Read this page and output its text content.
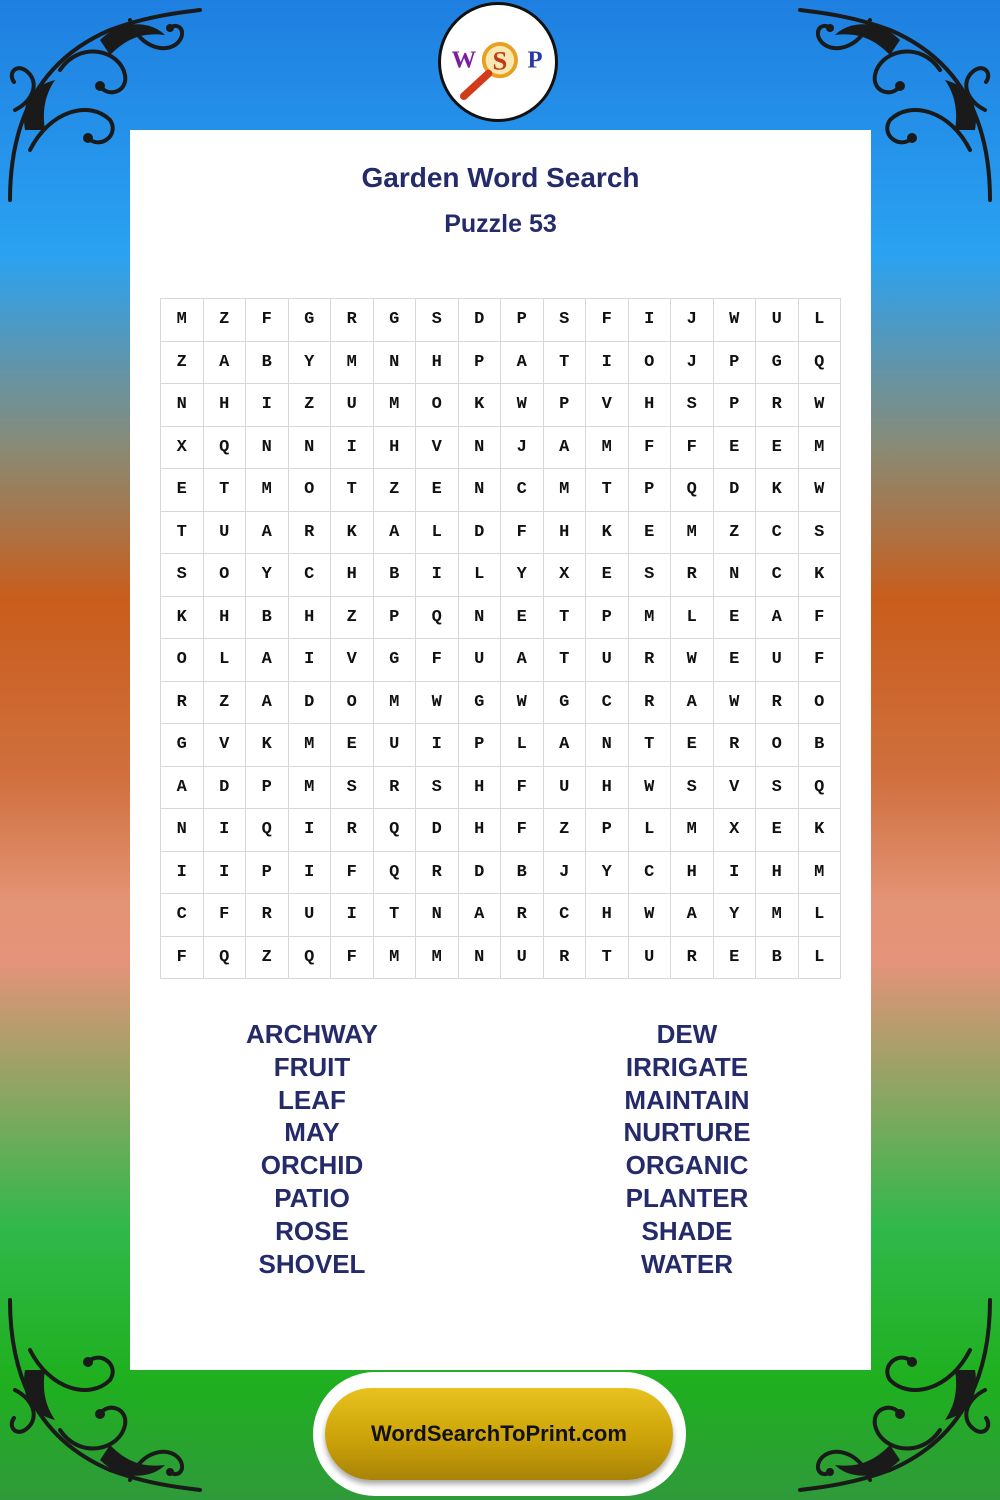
W S P
Garden Word Search
Puzzle 53
M	Z	F	G	R	G	S	D	P	S	F	I	J	W	U	L
Z	A	B	Y	M	N	H	P	A	T	I	O	J	P	G	Q
N	H	I	Z	U	M	O	K	W	P	V	H	S	P	R	W
X	Q	N	N	I	H	V	N	J	A	M	F	F	E	E	M
E	T	M	O	T	Z	E	N	C	M	T	P	Q	D	K	W
T	U	A	R	K	A	L	D	F	H	K	E	M	Z	C	S
S	O	Y	C	H	B	I	L	Y	X	E	S	R	N	C	K
K	H	B	H	Z	P	Q	N	E	T	P	M	L	E	A	F
O	L	A	I	V	G	F	U	A	T	U	R	W	E	U	F
R	Z	A	D	O	M	W	G	W	G	C	R	A	W	R	O
G	V	K	M	E	U	I	P	L	A	N	T	E	R	O	B
A	D	P	M	S	R	S	H	F	U	H	W	S	V	S	Q
N	I	Q	I	R	Q	D	H	F	Z	P	L	M	X	E	K
I	I	P	I	F	Q	R	D	B	J	Y	C	H	I	H	M
C	F	R	U	I	T	N	A	R	C	H	W	A	Y	M	L
F	Q	Z	Q	F	M	M	N	U	R	T	U	R	E	B	L
ARCHWAY
FRUIT
LEAF
MAY
ORCHID
PATIO
ROSE
SHOVEL
DEW
IRRIGATE
MAINTAIN
NURTURE
ORGANIC
PLANTER
SHADE
WATER
WordSearchToPrint.com
